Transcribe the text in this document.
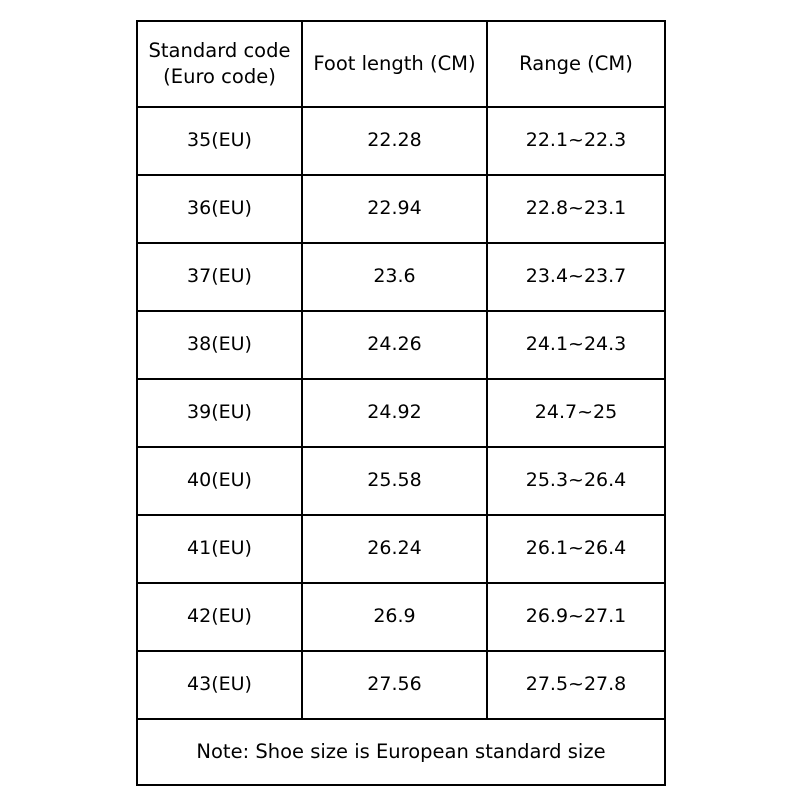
Standard code
(Euro code)	Foot length (CM)	Range (CM)
35(EU)	22.28	22.1~22.3
36(EU)	22.94	22.8~23.1
37(EU)	23.6	23.4~23.7
38(EU)	24.26	24.1~24.3
39(EU)	24.92	24.7~25
40(EU)	25.58	25.3~26.4
41(EU)	26.24	26.1~26.4
42(EU)	26.9	26.9~27.1
43(EU)	27.56	27.5~27.8
Note: Shoe size is European standard size		
